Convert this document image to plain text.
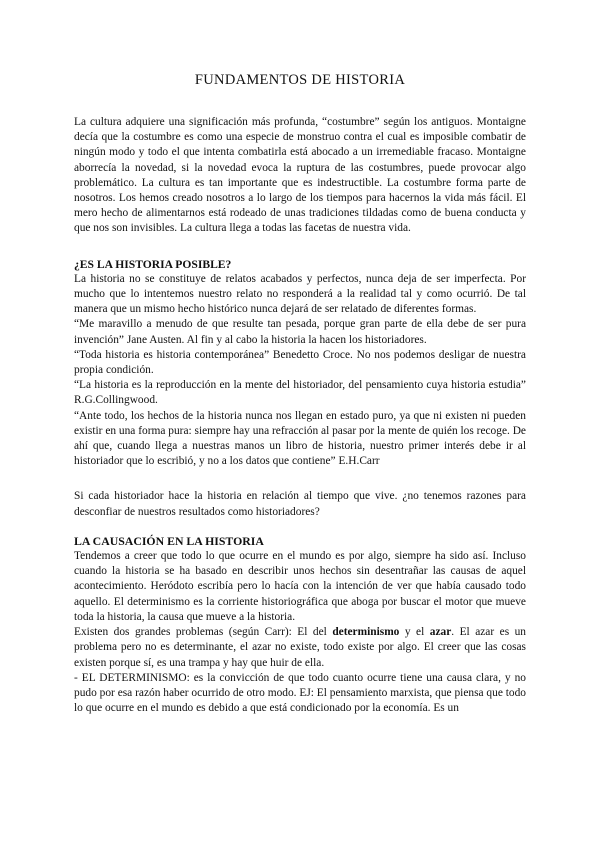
FUNDAMENTOS DE HISTORIA

La cultura adquiere una significación más profunda, “costumbre” según los antiguos. Montaigne decía que la costumbre es como una especie de monstruo contra el cual es imposible combatir de ningún modo y todo el que intenta combatirla está abocado a un irremediable fracaso. Montaigne aborrecía la novedad, si la novedad evoca la ruptura de las costumbres, puede provocar algo problemático. La cultura es tan importante que es indestructible. La costumbre forma parte de nosotros. Los hemos creado nosotros a lo largo de los tiempos para hacernos la vida más fácil. El mero hecho de alimentarnos está rodeado de unas tradiciones tildadas como de buena conducta y que nos son invisibles. La cultura llega a todas las facetas de nuestra vida.

¿ES LA HISTORIA POSIBLE?

La historia no se constituye de relatos acabados y perfectos, nunca deja de ser imperfecta. Por mucho que lo intentemos nuestro relato no responderá a la realidad tal y como ocurrió. De tal manera que un mismo hecho histórico nunca dejará de ser relatado de diferentes formas.

“Me maravillo a menudo de que resulte tan pesada, porque gran parte de ella debe de ser pura invención” Jane Austen. Al fin y al cabo la historia la hacen los historiadores.

“Toda historia es historia contemporánea” Benedetto Croce. No nos podemos desligar de nuestra propia condición.

“La historia es la reproducción en la mente del historiador, del pensamiento cuya historia estudia” R.G.Collingwood.

“Ante todo, los hechos de la historia nunca nos llegan en estado puro, ya que ni existen ni pueden existir en una forma pura: siempre hay una refracción al pasar por la mente de quién los recoge. De ahí que, cuando llega a nuestras manos un libro de historia, nuestro primer interés debe ir al historiador que lo escribió, y no a los datos que contiene” E.H.Carr

Si cada historiador hace la historia en relación al tiempo que vive. ¿no tenemos razones para desconfiar de nuestros resultados como historiadores?

LA CAUSACIÓN EN LA HISTORIA

Tendemos a creer que todo lo que ocurre en el mundo es por algo, siempre ha sido así. Incluso cuando la historia se ha basado en describir unos hechos sin desentrañar las causas de aquel acontecimiento. Heródoto escribía pero lo hacía con la intención de ver que había causado todo aquello. El determinismo es la corriente historiográfica que aboga por buscar el motor que mueve toda la historia, la causa que mueve a la historia.

Existen dos grandes problemas (según Carr): El del determinismo y el azar. El azar es un problema pero no es determinante, el azar no existe, todo existe por algo. El creer que las cosas existen porque sí, es una trampa y hay que huir de ella.

- EL DETERMINISMO: es la convicción de que todo cuanto ocurre tiene una causa clara, y no pudo por esa razón haber ocurrido de otro modo. EJ: El pensamiento marxista, que piensa que todo lo que ocurre en el mundo es debido a que está condicionado por la economía. Es un
